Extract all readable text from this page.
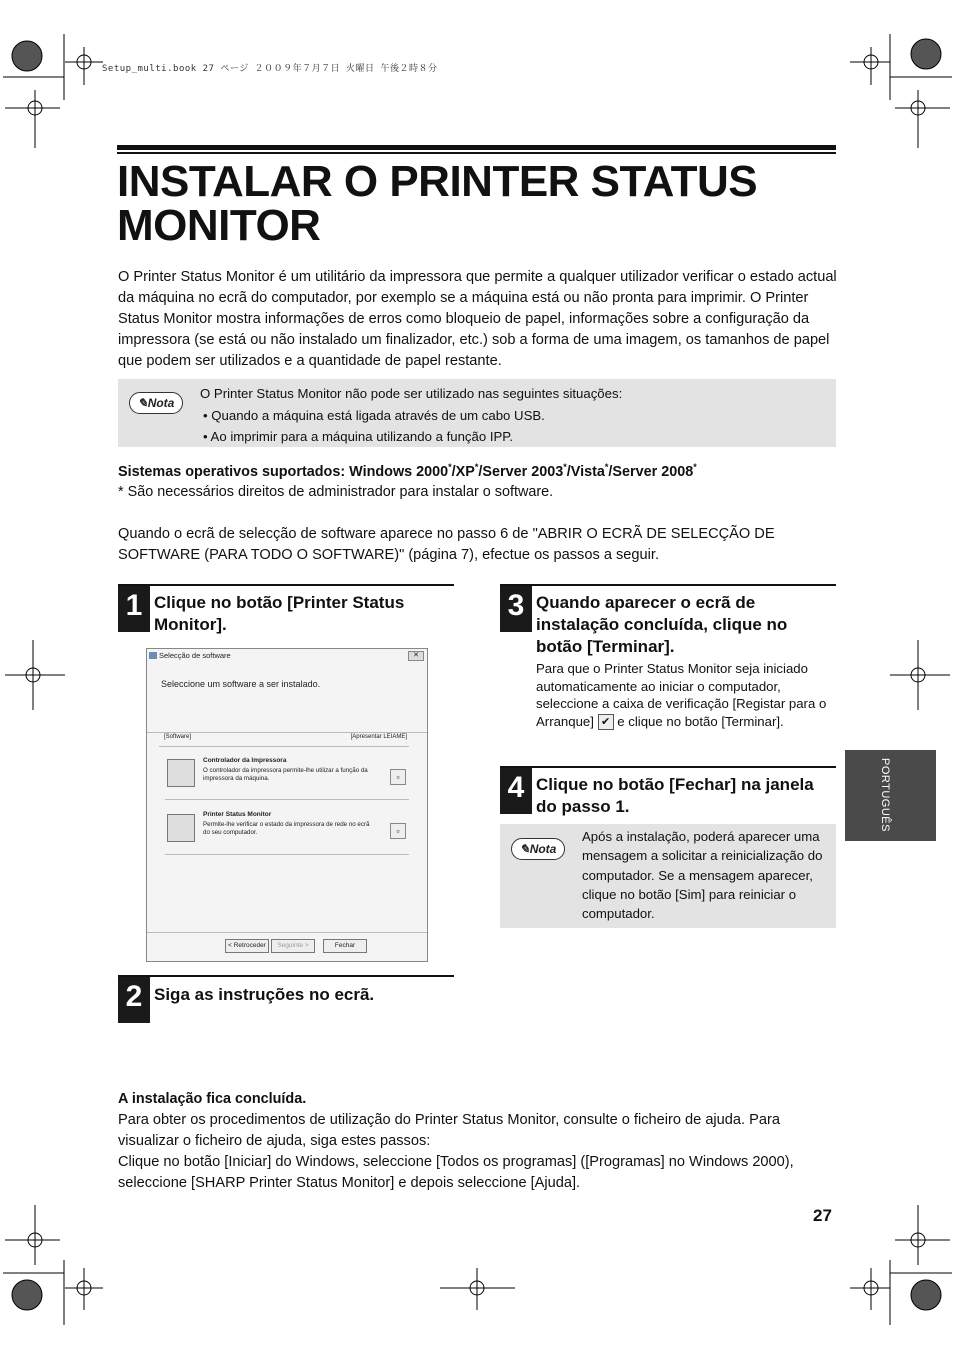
Setup_multi.book 27 ページ ２００９年７月７日 火曜日 午後２時８分
INSTALAR O PRINTER STATUS
MONITOR
O Printer Status Monitor é um utilitário da impressora que permite a qualquer utilizador verificar o estado actual da máquina no ecrã do computador, por exemplo se a máquina está ou não pronta para imprimir. O Printer Status Monitor mostra informações de erros como bloqueio de papel, informações sobre a configuração da impressora (se está ou não instalado um finalizador, etc.) sob a forma de uma imagem, os tamanhos de papel que podem ser utilizados e a quantidade de papel restante.
✎Nota
O Printer Status Monitor não pode ser utilizado nas seguintes situações:
• Quando a máquina está ligada através de um cabo USB.
• Ao imprimir para a máquina utilizando a função IPP.
Sistemas operativos suportados: Windows 2000*/XP*/Server 2003*/Vista*/Server 2008*
* São necessários direitos de administrador para instalar o software.
Quando o ecrã de selecção de software aparece no passo 6 de "ABRIR O ECRÃ DE SELECÇÃO DE SOFTWARE (PARA TODO O SOFTWARE)" (página 7), efectue os passos a seguir.
1 Clique no botão [Printer Status Monitor].
Selecção de software	✕
Seleccione um software a ser instalado.
[Software]	[Apresentar LEIAME]
Controlador da Impressora
O controlador da impressora permite-lhe utilizar a função da impressora da máquina.	▫
Printer Status Monitor
Permite-lhe verificar o estado da impressora de rede no ecrã do seu computador.	▫
< Retroceder	Seguinte >	Fechar
2 Siga as instruções no ecrã.
3 Quando aparecer o ecrã de instalação concluída, clique no botão [Terminar].
Para que o Printer Status Monitor seja iniciado automaticamente ao iniciar o computador, seleccione a caixa de verificação [Registar para o Arranque] ✔ e clique no botão [Terminar].
4 Clique no botão [Fechar] na janela do passo 1.
✎Nota
Após a instalação, poderá aparecer uma mensagem a solicitar a reinicialização do computador. Se a mensagem aparecer, clique no botão [Sim] para reiniciar o computador.
PORTUGUÊS
A instalação fica concluída.
Para obter os procedimentos de utilização do Printer Status Monitor, consulte o ficheiro de ajuda. Para visualizar o ficheiro de ajuda, siga estes passos:
Clique no botão [Iniciar] do Windows, seleccione [Todos os programas] ([Programas] no Windows 2000), seleccione [SHARP Printer Status Monitor] e depois seleccione [Ajuda].
27
